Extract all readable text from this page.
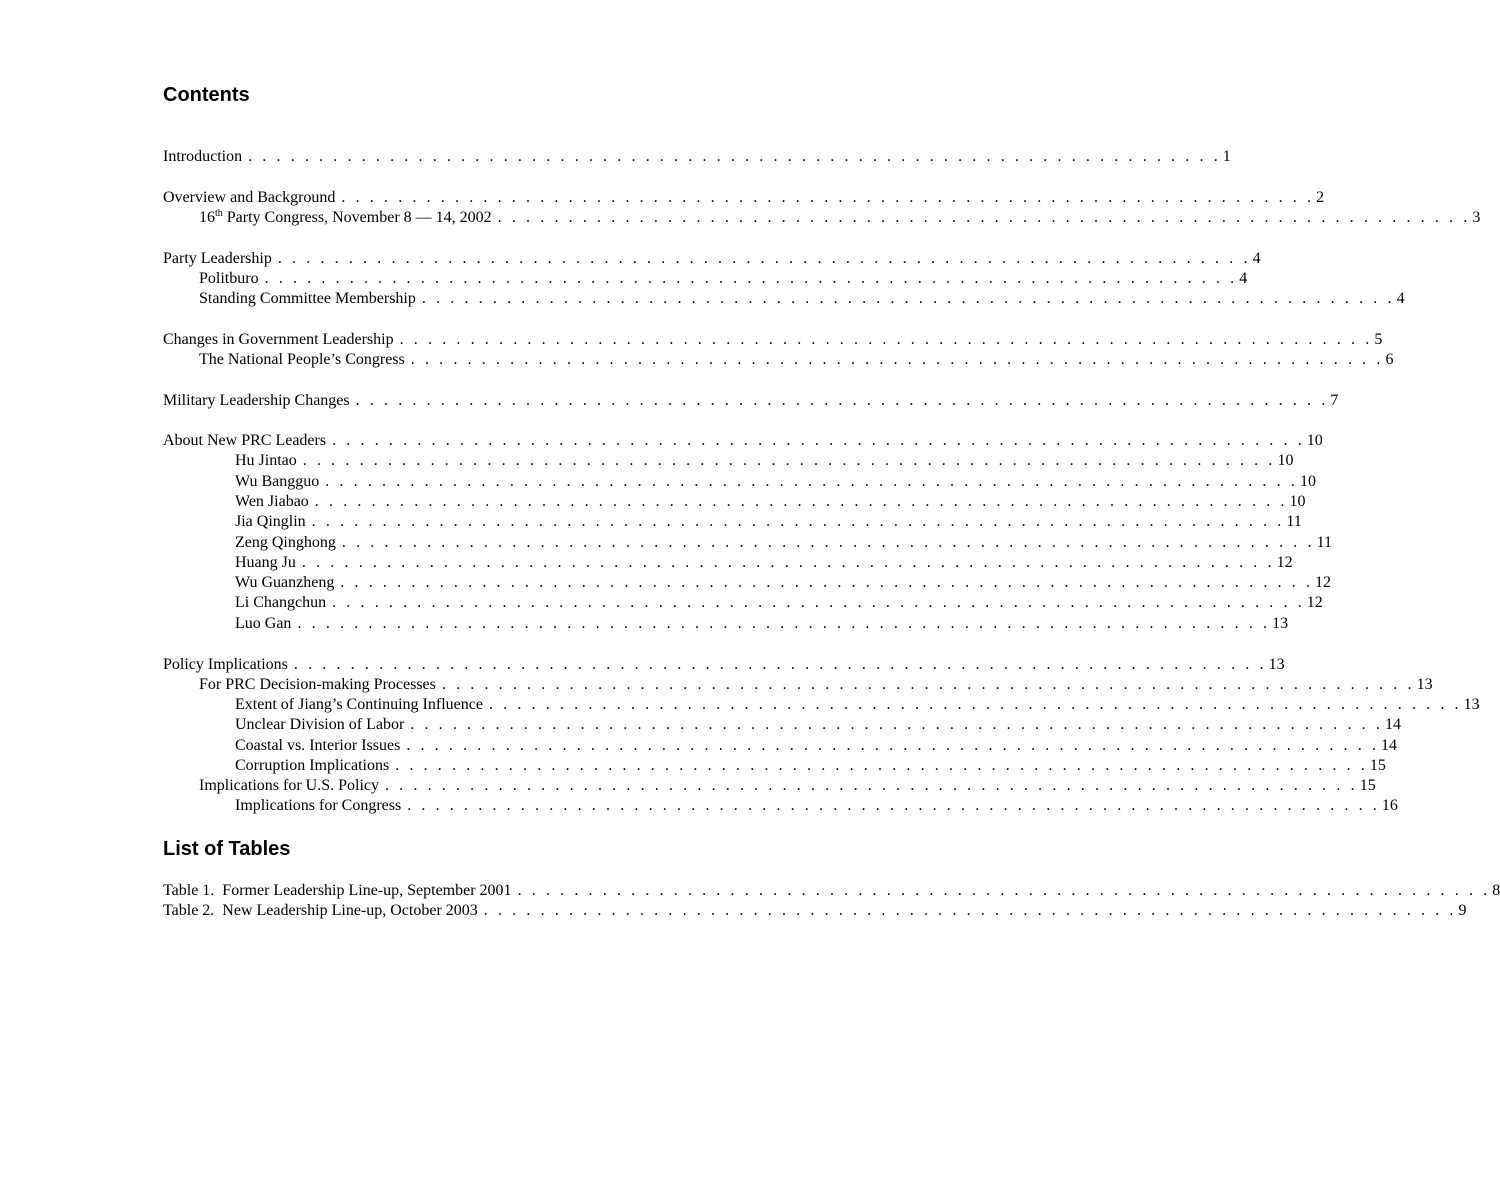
Contents
Introduction . . . . . . . . . . . . . . . . . . . . . . . . . . . . . . . . . . . . . . . . . . . . . . . . . . . . . . . . . . . . . . . . . . . . . 1
Overview and Background . . . . . . . . . . . . . . . . . . . . . . . . . . . . . . . . . . . . . . . . . . . . . . . . . . . . . . . . . . . . . . . . . . . . . 2
16th Party Congress, November 8 — 14, 2002 . . . . . . . . . . . . . . . . . . . . . . . . . . . . . . . . . . . . . . . . . . . . . . . . . . . . . . . . . . . . . . . . . . . . . 3
Party Leadership . . . . . . . . . . . . . . . . . . . . . . . . . . . . . . . . . . . . . . . . . . . . . . . . . . . . . . . . . . . . . . . . . . . . . 4
Politburo . . . . . . . . . . . . . . . . . . . . . . . . . . . . . . . . . . . . . . . . . . . . . . . . . . . . . . . . . . . . . . . . . . . . . 4
Standing Committee Membership . . . . . . . . . . . . . . . . . . . . . . . . . . . . . . . . . . . . . . . . . . . . . . . . . . . . . . . . . . . . . . . . . . . . . 4
Changes in Government Leadership . . . . . . . . . . . . . . . . . . . . . . . . . . . . . . . . . . . . . . . . . . . . . . . . . . . . . . . . . . . . . . . . . . . . . 5
The National People’s Congress . . . . . . . . . . . . . . . . . . . . . . . . . . . . . . . . . . . . . . . . . . . . . . . . . . . . . . . . . . . . . . . . . . . . . 6
Military Leadership Changes . . . . . . . . . . . . . . . . . . . . . . . . . . . . . . . . . . . . . . . . . . . . . . . . . . . . . . . . . . . . . . . . . . . . . 7
About New PRC Leaders . . . . . . . . . . . . . . . . . . . . . . . . . . . . . . . . . . . . . . . . . . . . . . . . . . . . . . . . . . . . . . . . . . . . . 10
Hu Jintao . . . . . . . . . . . . . . . . . . . . . . . . . . . . . . . . . . . . . . . . . . . . . . . . . . . . . . . . . . . . . . . . . . . . . 10
Wu Bangguo . . . . . . . . . . . . . . . . . . . . . . . . . . . . . . . . . . . . . . . . . . . . . . . . . . . . . . . . . . . . . . . . . . . . . 10
Wen Jiabao . . . . . . . . . . . . . . . . . . . . . . . . . . . . . . . . . . . . . . . . . . . . . . . . . . . . . . . . . . . . . . . . . . . . . 10
Jia Qinglin . . . . . . . . . . . . . . . . . . . . . . . . . . . . . . . . . . . . . . . . . . . . . . . . . . . . . . . . . . . . . . . . . . . . . 11
Zeng Qinghong . . . . . . . . . . . . . . . . . . . . . . . . . . . . . . . . . . . . . . . . . . . . . . . . . . . . . . . . . . . . . . . . . . . . . 11
Huang Ju . . . . . . . . . . . . . . . . . . . . . . . . . . . . . . . . . . . . . . . . . . . . . . . . . . . . . . . . . . . . . . . . . . . . . 12
Wu Guanzheng . . . . . . . . . . . . . . . . . . . . . . . . . . . . . . . . . . . . . . . . . . . . . . . . . . . . . . . . . . . . . . . . . . . . . 12
Li Changchun . . . . . . . . . . . . . . . . . . . . . . . . . . . . . . . . . . . . . . . . . . . . . . . . . . . . . . . . . . . . . . . . . . . . . 12
Luo Gan . . . . . . . . . . . . . . . . . . . . . . . . . . . . . . . . . . . . . . . . . . . . . . . . . . . . . . . . . . . . . . . . . . . . . 13
Policy Implications . . . . . . . . . . . . . . . . . . . . . . . . . . . . . . . . . . . . . . . . . . . . . . . . . . . . . . . . . . . . . . . . . . . . . 13
For PRC Decision-making Processes . . . . . . . . . . . . . . . . . . . . . . . . . . . . . . . . . . . . . . . . . . . . . . . . . . . . . . . . . . . . . . . . . . . . . 13
Extent of Jiang’s Continuing Influence . . . . . . . . . . . . . . . . . . . . . . . . . . . . . . . . . . . . . . . . . . . . . . . . . . . . . . . . . . . . . . . . . . . . . 13
Unclear Division of Labor . . . . . . . . . . . . . . . . . . . . . . . . . . . . . . . . . . . . . . . . . . . . . . . . . . . . . . . . . . . . . . . . . . . . . 14
Coastal vs. Interior Issues . . . . . . . . . . . . . . . . . . . . . . . . . . . . . . . . . . . . . . . . . . . . . . . . . . . . . . . . . . . . . . . . . . . . . 14
Corruption Implications . . . . . . . . . . . . . . . . . . . . . . . . . . . . . . . . . . . . . . . . . . . . . . . . . . . . . . . . . . . . . . . . . . . . . 15
Implications for U.S. Policy . . . . . . . . . . . . . . . . . . . . . . . . . . . . . . . . . . . . . . . . . . . . . . . . . . . . . . . . . . . . . . . . . . . . . 15
Implications for Congress . . . . . . . . . . . . . . . . . . . . . . . . . . . . . . . . . . . . . . . . . . . . . . . . . . . . . . . . . . . . . . . . . . . . . 16
List of Tables
Table 1.  Former Leadership Line-up, September 2001 . . . . . . . . . . . . . . . . . . . . . . . . . . . . . . . . . . . . . . . . . . . . . . . . . . . . . . . . . . . . . . . . . . . . . 8
Table 2.  New Leadership Line-up, October 2003 . . . . . . . . . . . . . . . . . . . . . . . . . . . . . . . . . . . . . . . . . . . . . . . . . . . . . . . . . . . . . . . . . . . . . 9
